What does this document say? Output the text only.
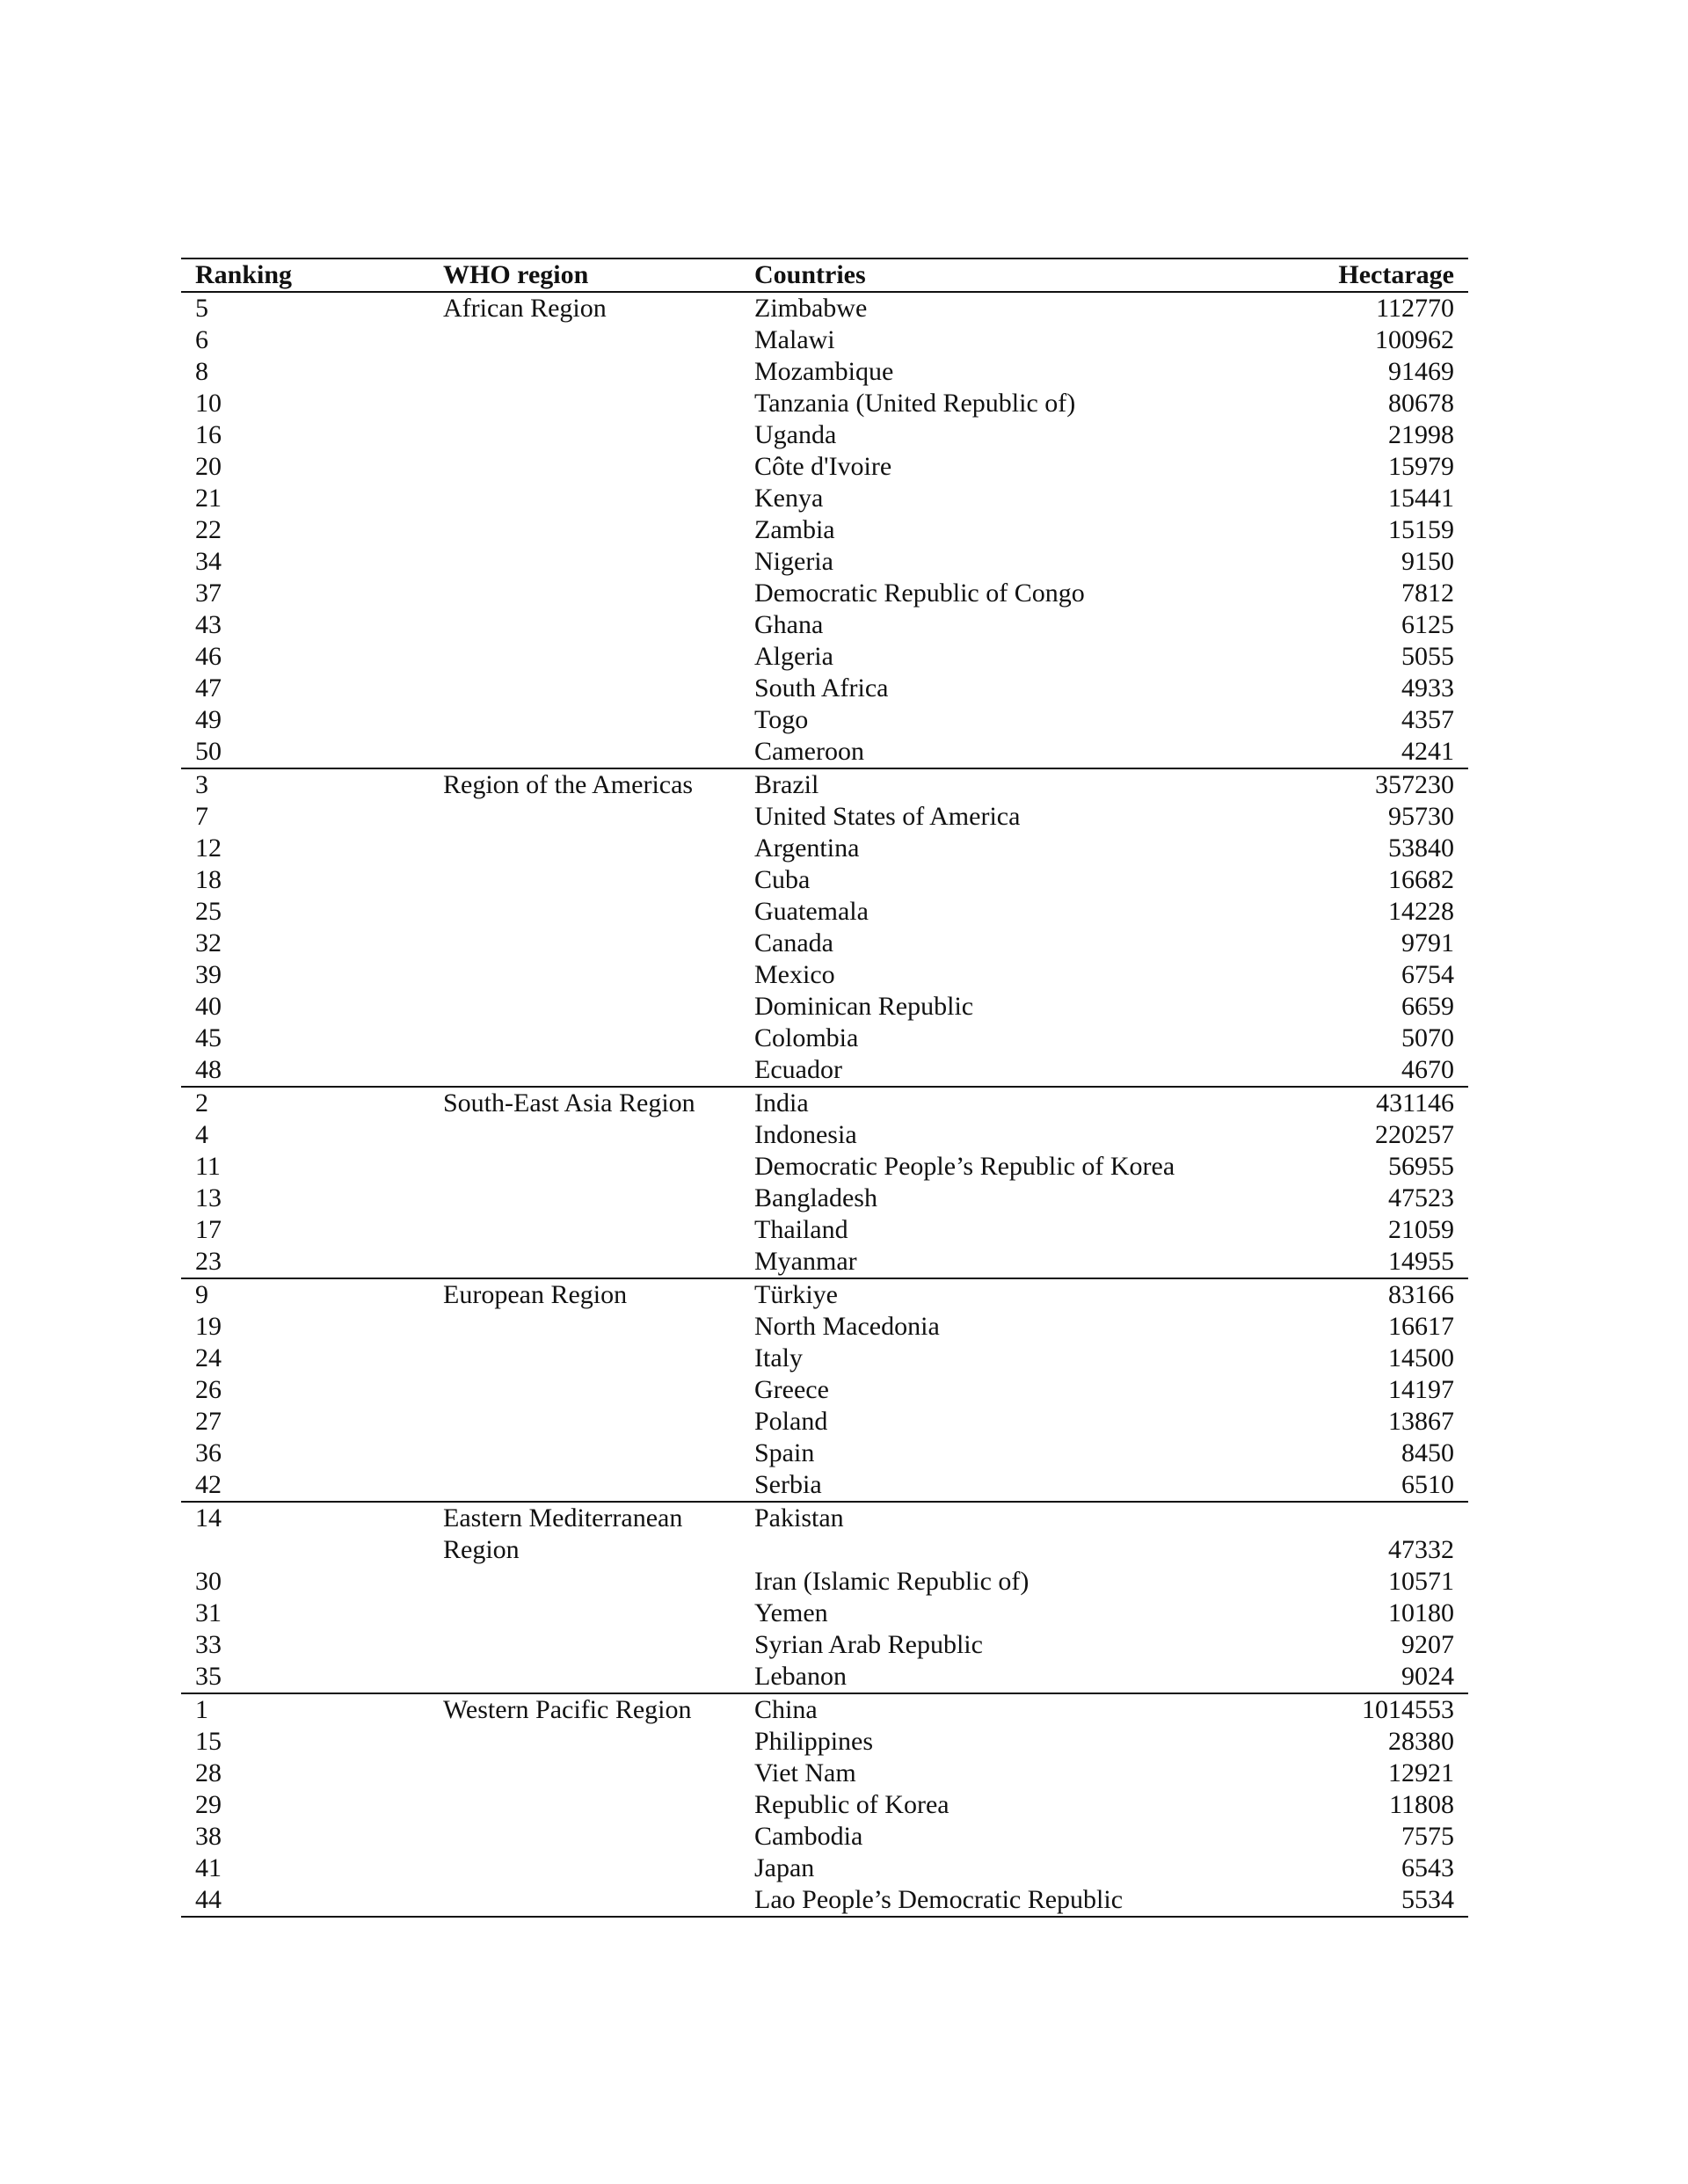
Ranking	WHO region	Countries	Hectarage
5	African Region	Zimbabwe	112770
6		Malawi	100962
8		Mozambique	91469
10		Tanzania (United Republic of)	80678
16		Uganda	21998
20		Côte d'Ivoire	15979
21		Kenya	15441
22		Zambia	15159
34		Nigeria	9150
37		Democratic Republic of Congo	7812
43		Ghana	6125
46		Algeria	5055
47		South Africa	4933
49		Togo	4357
50		Cameroon	4241
3	Region of the Americas	Brazil	357230
7		United States of America	95730
12		Argentina	53840
18		Cuba	16682
25		Guatemala	14228
32		Canada	9791
39		Mexico	6754
40		Dominican Republic	6659
45		Colombia	5070
48		Ecuador	4670
2	South-East Asia Region	India	431146
4		Indonesia	220257
11		Democratic People’s Republic of Korea	56955
13		Bangladesh	47523
17		Thailand	21059
23		Myanmar	14955
9	European Region	Türkiye	83166
19		North Macedonia	16617
24		Italy	14500
26		Greece	14197
27		Poland	13867
36		Spain	8450
42		Serbia	6510
14	Eastern Mediterranean Region	Pakistan	47332
30		Iran (Islamic Republic of)	10571
31		Yemen	10180
33		Syrian Arab Republic	9207
35		Lebanon	9024
1	Western Pacific Region	China	1014553
15		Philippines	28380
28		Viet Nam	12921
29		Republic of Korea	11808
38		Cambodia	7575
41		Japan	6543
44		Lao People’s Democratic Republic	5534
